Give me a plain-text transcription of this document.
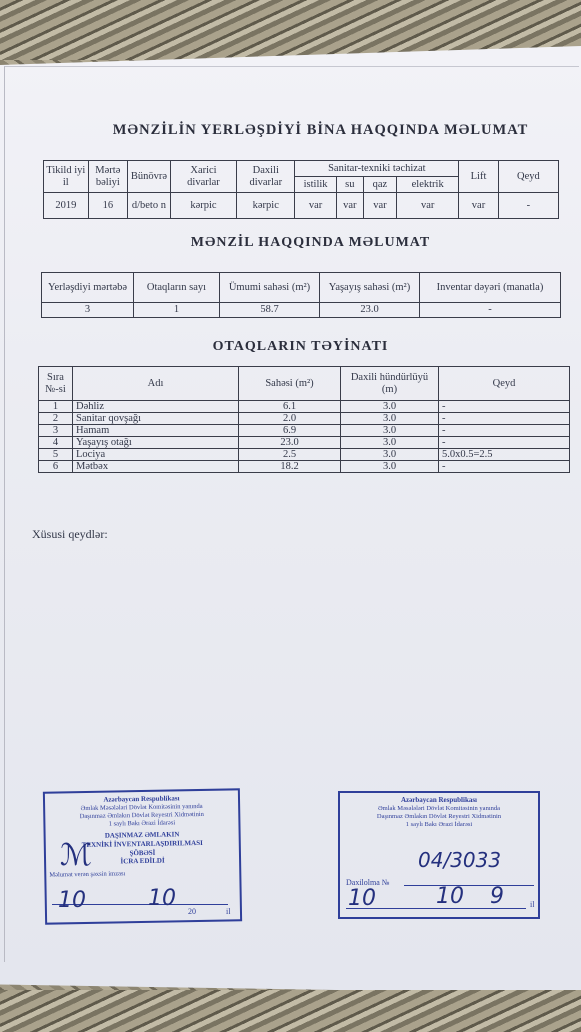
MƏNZİLİN YERLƏŞDİYİ BİNA HAQQINDA MƏLUMAT
Tikild iyi il	Mərtə bəliyi	Bünövrə	Xarici divarlar	Daxili divarlar	Sanitar-texniki təchizat				Lift	Qeyd
					istilik	su	qaz	elektrik		
2019	16	d/beto n	kərpic	kərpic	var	var	var	var	var	-
MƏNZİL HAQQINDA MƏLUMAT
Yerləşdiyi mərtəbə	Otaqların sayı	Ümumi sahəsi (m²)	Yaşayış sahəsi (m²)	Inventar dəyəri (manatla)
3	1	58.7	23.0	-
OTAQLARIN TƏYİNATI
Sıra №-si	Adı	Sahəsi (m²)	Daxili hündürlüyü (m)	Qeyd
1	Dəhliz	6.1	3.0	-
2	Sanitar qovşağı	2.0	3.0	-
3	Hamam	6.9	3.0	-
4	Yaşayış otağı	23.0	3.0	-
5	Lociya	2.5	3.0	5.0x0.5=2.5
6	Mətbəx	18.2	3.0	-
Xüsusi qeydlər:
Azərbaycan Respublikası
Əmlak Məsələləri Dövlət Komitəsinin yanında
Daşınmaz Əmlakın Dövlət Reyestri Xidmətinin
1 saylı Bakı Ərazi İdarəsi
DAŞINMAZ ƏMLAKIN
TEXNİKİ İNVENTARLAŞDIRILMASI
ŞÖBƏSİ
İCRA EDİLDİ
Məlumat verən şəxsin imzası
20	il
ℳ
10	10
Azərbaycan Respublikası
Əmlak Məsələləri Dövlət Komitəsinin yanında
Daşınmaz Əmlakın Dövlət Reyestri Xidmətinin
1 saylı Bakı Ərazi İdarəsi
Daxilolma №
il
04/3033
10	10 9
